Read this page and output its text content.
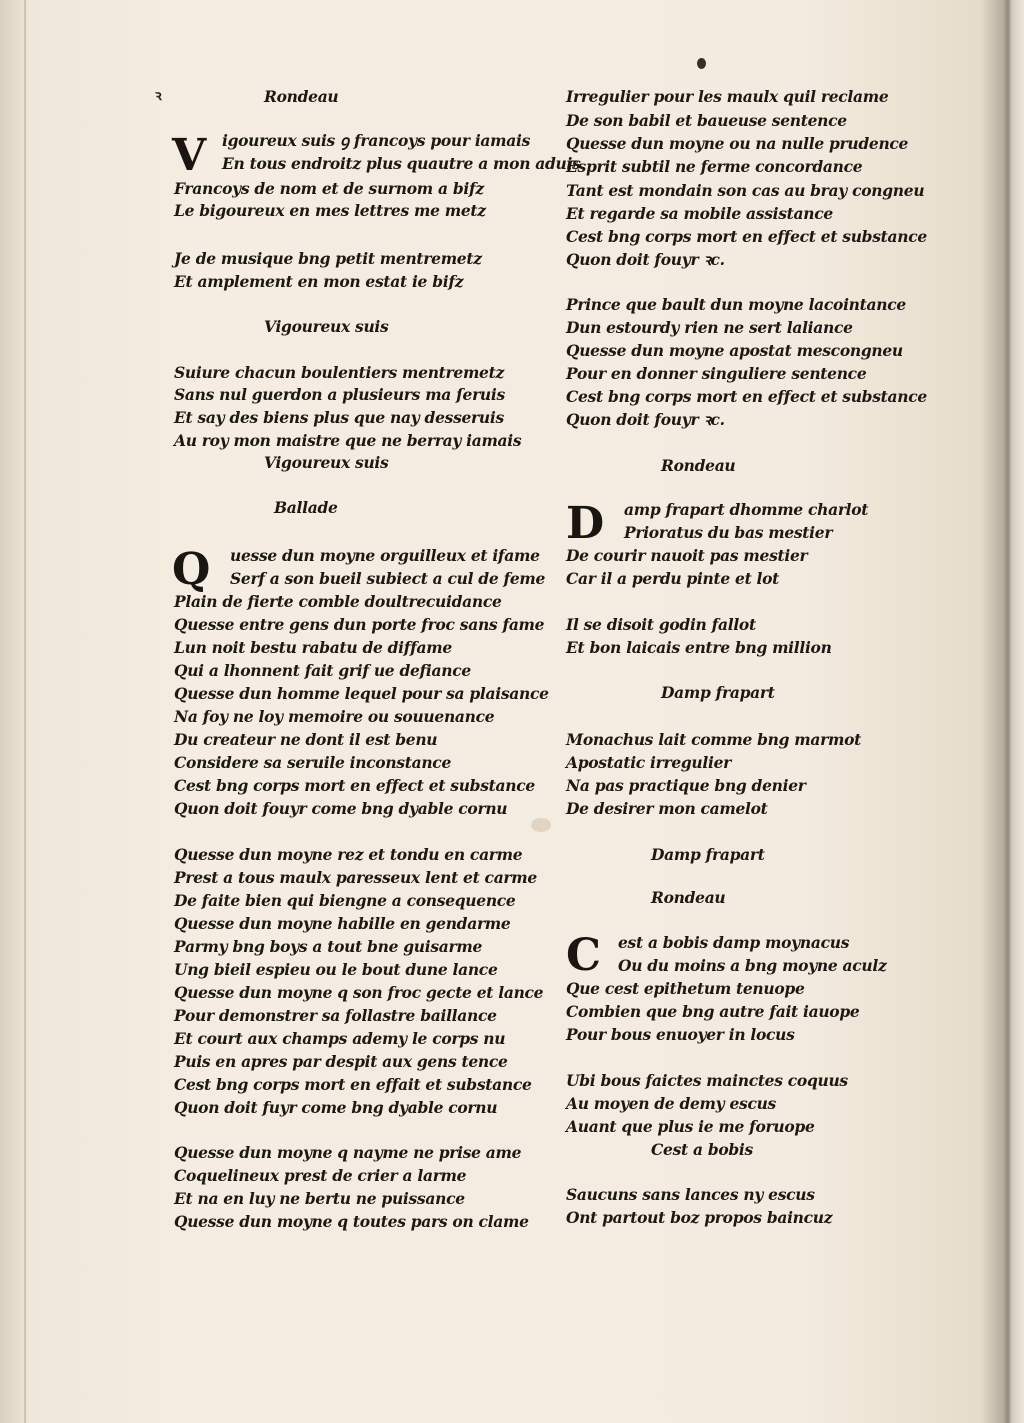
ꝛ	Rondeau
V igoureux suis ꝯ francoys pour iamais
En tous endroitz plus quautre a mon aduis
Francoys de nom et de surnom a bifz
Le bigoureux en mes lettres me metz
Je de musique bng petit mentremetz
Et amplement en mon estat ie bifz
Vigoureux suis
Suiure chacun boulentiers mentremetz
Sans nul guerdon a plusieurs ma ſeruis
Et say des biens plus que nay desseruis
Au roy mon maistre que ne berray iamais
Vigoureux suis
Ballade
Q uesse dun moyne orguilleux et ifame
Serf a son bueil subiect a cul de feme
Plain de fierte comble doultrecuidance
Quesse entre gens dun porte froc sans fame
Lun noit bestu rabatu de diffame
Qui a lhonnent fait grif ue defiance
Quesse dun homme lequel pour sa plaisance
Na foy ne loy memoire ou souuenance
Du createur ne dont il est benu
Considere sa seruile inconstance
Cest bng corps mort en effect et substance
Quon doit fouyr come bng dyable cornu
Quesse dun moyne rez et tondu en carme
Prest a tous maulx paresseux lent et carme
De faite bien qui biengne a consequence
Quesse dun moyne habille en gendarme
Parmy bng boys a tout bne guisarme
Ung bieil espieu ou le bout dune lance
Quesse dun moyne q son froc gecte et lance
Pour demonstrer sa follastre baillance
Et court aux champs ademy le corps nu
Puis en apres par despit aux gens tence
Cest bng corps mort en effait et substance
Quon doit fuyr come bng dyable cornu
Quesse dun moyne q nayme ne prise ame
Coquelineux prest de crier a larme
Et na en luy ne bertu ne puissance
Quesse dun moyne q toutes pars on clame
Irregulier pour les maulx quil reclame
De son babil et baueuse sentence
Quesse dun moyne ou na nulle prudence
Esprit subtil ne ferme concordance
Tant est mondain son cas au bray congneu
Et regarde sa mobile assistance
Cest bng corps mort en effect et substance
Quon doit fouyr ꝛc.
Prince que bault dun moyne lacointance
Dun estourdy rien ne sert laliance
Quesse dun moyne apostat mescongneu
Pour en donner singuliere sentence
Cest bng corps mort en effect et substance
Quon doit fouyr ꝛc.
Rondeau
D amp frapart dhomme charlot
Prioratus du bas mestier
De courir nauoit pas mestier
Car il a perdu pinte et lot
Il se disoit godin fallot
Et bon laicais entre bng million
Damp frapart
Monachus lait comme bng marmot
Apostatic irregulier
Na pas practique bng denier
De desirer mon camelot
Damp frapart
Rondeau
C est a bobis damp moynacus
Ou du moins a bng moyne aculz
Que cest epithetum tenuope
Combien que bng autre fait iauope
Pour bous enuoyer in locus
Ubi bous faictes mainctes coquus
Au moyen de demy escus
Auant que plus ie me foruope
Cest a bobis
Saucuns sans lances ny escus
Ont partout boz propos baincuz
